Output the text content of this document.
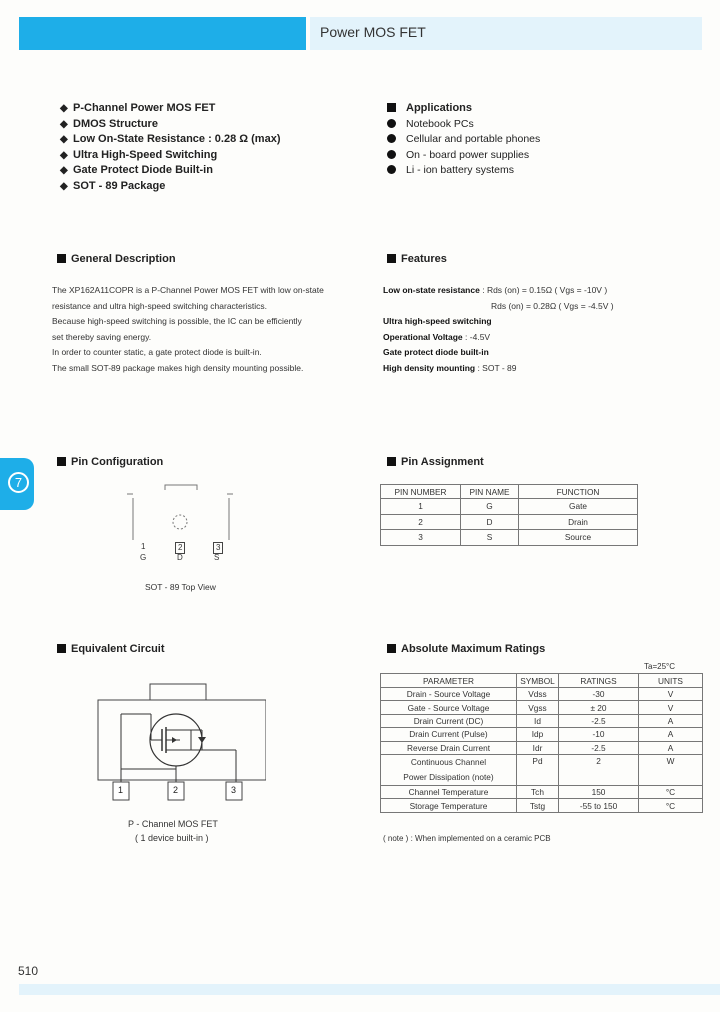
Power MOS FET
◆ P-Channel Power MOS FET
◆ DMOS Structure
◆ Low On-State Resistance : 0.28 Ω (max)
◆ Ultra High-Speed Switching
◆ Gate Protect Diode Built-in
◆ SOT - 89 Package
Applications
Notebook PCs
Cellular and portable phones
On - board power supplies
Li - ion battery systems
General Description
The XP162A11COPR is a P-Channel Power MOS FET with low on-state
resistance and ultra high-speed switching characteristics.
Because high-speed switching is possible, the IC can be efficiently
set thereby saving energy.
In order to counter static, a gate protect diode is built-in.
The small SOT-89 package makes high density mounting possible.
Features
Low on-state resistance : Rds (on) = 0.15Ω ( Vgs = -10V )
Rds (on) = 0.28Ω ( Vgs = -4.5V )
Ultra high-speed switching
Operational Voltage : -4.5V
Gate protect diode built-in
High density mounting : SOT - 89
7
Pin Configuration
1	2	3
G	D	S
SOT - 89 Top View
Pin Assignment
PIN NUMBER	PIN NAME	FUNCTION
1	G	Gate
2	D	Drain
3	S	Source
Equivalent Circuit
1	2	3
P - Channel MOS FET
( 1 device built-in )
Absolute Maximum Ratings
Ta=25°C
PARAMETER	SYMBOL	RATINGS	UNITS
Drain - Source Voltage	Vdss	-30	V
Gate - Source Voltage	Vgss	± 20	V
Drain Current (DC)	Id	-2.5	A
Drain Current (Pulse)	Idp	-10	A
Reverse Drain Current	Idr	-2.5	A

Continuous Channel
Power Dissipation (note)	Pd	2	W
Channel Temperature	Tch	150	°C
Storage Temperature	Tstg	-55 to 150	°C
( note ) : When implemented on a ceramic PCB
510
